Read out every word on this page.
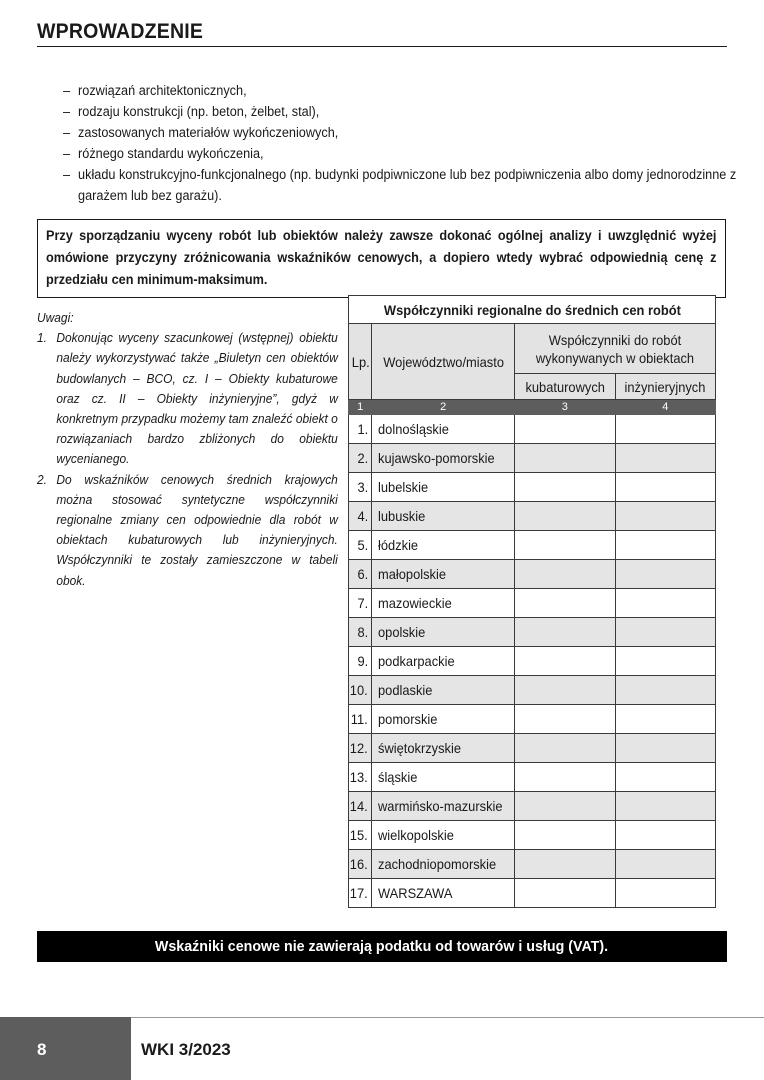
WPROWADZENIE
– rozwiązań architektonicznych,
– rodzaju konstrukcji (np. beton, żelbet, stal),
– zastosowanych materiałów wykończeniowych,
– różnego standardu wykończenia,
– układu konstrukcyjno-funkcjonalnego (np. budynki podpiwniczone lub bez podpiwniczenia albo domy jednorodzinne z garażem lub bez garażu).
Przy sporządzaniu wyceny robót lub obiektów należy zawsze dokonać ogólnej analizy i uwzględnić wyżej omówione przyczyny zróżnicowania wskaźników cenowych, a dopiero wtedy wybrać odpowiednią cenę z przedziału cen minimum-maksimum.
Uwagi:
1. Dokonując wyceny szacunkowej (wstępnej) obiektu należy wykorzystywać także „Biuletyn cen obiektów budowlanych – BCO, cz. I – Obiekty kubaturowe oraz cz. II – Obiekty inżynieryjne”, gdyż w konkretnym przypadku możemy tam znaleźć obiekt o rozwiązaniach bardzo zbliżonych do obiektu wycenianego.
2. Do wskaźników cenowych średnich krajowych można stosować syntetyczne współczynniki regionalne zmiany cen odpowiednie dla robót w obiektach kubaturowych lub inżynieryjnych. Współczynniki te zostały zamieszczone w tabeli obok.
Współczynniki regionalne do średnich cen robót			
Lp.	Województwo/miasto	Współczynniki do robót wykonywanych w obiektach	
		kubaturowych	inżynieryjnych
1	2	3	4
1.	dolnośląskie		
2.	kujawsko-pomorskie		
3.	lubelskie		
4.	lubuskie		
5.	łódzkie		
6.	małopolskie		
7.	mazowieckie		
8.	opolskie		
9.	podkarpackie		
10.	podlaskie		
11.	pomorskie		
12.	świętokrzyskie		
13.	śląskie		
14.	warmińsko-mazurskie		
15.	wielkopolskie		
16.	zachodniopomorskie		
17.	WARSZAWA		
Wskaźniki cenowe nie zawierają podatku od towarów i usług (VAT).
8	WKI 3/2023
